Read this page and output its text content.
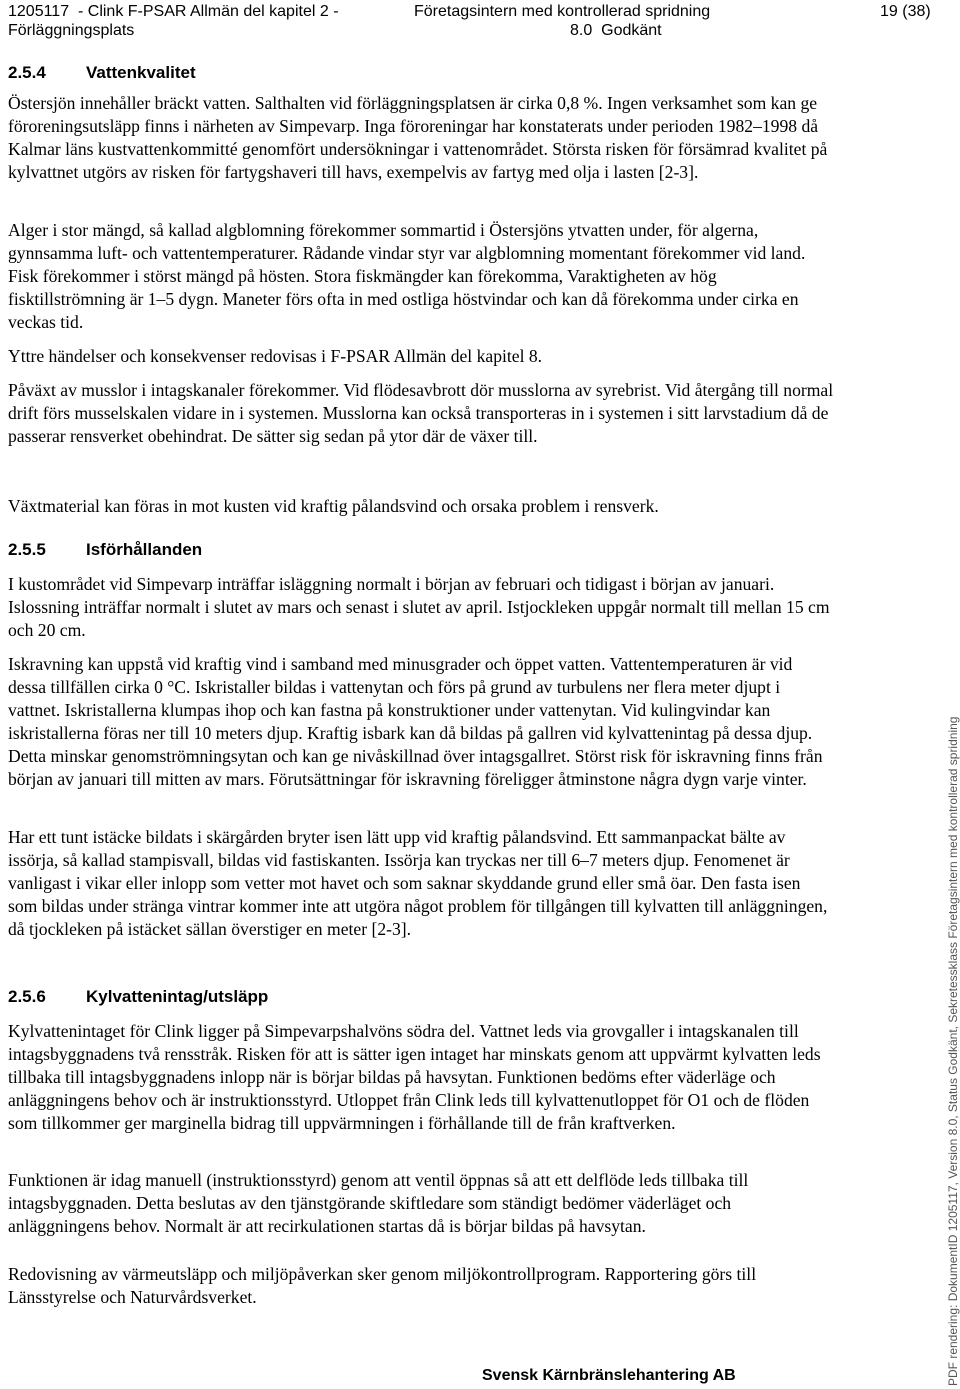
1205117  - Clink F-PSAR Allmän del kapitel 2 -
Förläggningsplats
Företagsintern med kontrollerad spridning
8.0  Godkänt
19 (38)
2.5.4 Vattenkvalitet

Östersjön innehåller bräckt vatten. Salthalten vid förläggningsplatsen är cirka 0,8 %. Ingen verksamhet som kan ge föroreningsutsläpp finns i närheten av Simpevarp. Inga föroreningar har konstaterats under perioden 1982–1998 då Kalmar läns kustvattenkommitté genomfört undersökningar i vattenområdet. Största risken för försämrad kvalitet på kylvattnet utgörs av risken för fartygshaveri till havs, exempelvis av fartyg med olja i lasten [2-3].

Alger i stor mängd, så kallad algblomning förekommer sommartid i Östersjöns ytvatten under, för algerna, gynnsamma luft- och vattentemperaturer. Rådande vindar styr var algblomning momentant förekommer vid land. Fisk förekommer i störst mängd på hösten. Stora fiskmängder kan förekomma, Varaktigheten av hög fisktillströmning är 1–5 dygn. Maneter förs ofta in med ostliga höstvindar och kan då förekomma under cirka en veckas tid.

Yttre händelser och konsekvenser redovisas i F-PSAR Allmän del kapitel 8.

Påväxt av musslor i intagskanaler förekommer. Vid flödesavbrott dör musslorna av syrebrist. Vid återgång till normal drift förs musselskalen vidare in i systemen. Musslorna kan också transporteras in i systemen i sitt larvstadium då de passerar rensverket obehindrat. De sätter sig sedan på ytor där de växer till.

Växtmaterial kan föras in mot kusten vid kraftig pålandsvind och orsaka problem i rensverk.

2.5.5 Isförhållanden

I kustområdet vid Simpevarp inträffar isläggning normalt i början av februari och tidigast i början av januari. Islossning inträffar normalt i slutet av mars och senast i slutet av april. Istjockleken uppgår normalt till mellan 15 cm och 20 cm.

Iskravning kan uppstå vid kraftig vind i samband med minusgrader och öppet vatten. Vattentemperaturen är vid dessa tillfällen cirka 0 °C. Iskristaller bildas i vattenytan och förs på grund av turbulens ner flera meter djupt i vattnet. Iskristallerna klumpas ihop och kan fastna på konstruktioner under vattenytan. Vid kulingvindar kan iskristallerna föras ner till 10 meters djup. Kraftig isbark kan då bildas på gallren vid kylvattenintag på dessa djup. Detta minskar genomströmningsytan och kan ge nivåskillnad över intagsgallret. Störst risk för iskravning finns från början av januari till mitten av mars. Förutsättningar för iskravning föreligger åtminstone några dygn varje vinter.

Har ett tunt istäcke bildats i skärgården bryter isen lätt upp vid kraftig pålandsvind. Ett sammanpackat bälte av issörja, så kallad stampisvall, bildas vid fastiskanten. Issörja kan tryckas ner till 6–7 meters djup. Fenomenet är vanligast i vikar eller inlopp som vetter mot havet och som saknar skyddande grund eller små öar. Den fasta isen som bildas under stränga vintrar kommer inte att utgöra något problem för tillgången till kylvatten till anläggningen, då tjockleken på istäcket sällan överstiger en meter [2-3].

2.5.6 Kylvattenintag/utsläpp

Kylvattenintaget för Clink ligger på Simpevarpshalvöns södra del. Vattnet leds via grovgaller i intagskanalen till intagsbyggnadens två rensstråk. Risken för att is sätter igen intaget har minskats genom att uppvärmt kylvatten leds tillbaka till intagsbyggnadens inlopp när is börjar bildas på havsytan. Funktionen bedöms efter väderläge och anläggningens behov och är instruktionsstyrd. Utloppet från Clink leds till kylvattenutloppet för O1 och de flöden som tillkommer ger marginella bidrag till uppvärmningen i förhållande till de från kraftverken.

Funktionen är idag manuell (instruktionsstyrd) genom att ventil öppnas så att ett delflöde leds tillbaka till intagsbyggnaden. Detta beslutas av den tjänstgörande skiftledare som ständigt bedömer väderläget och anläggningens behov. Normalt är att recirkulationen startas då is börjar bildas på havsytan.

Redovisning av värmeutsläpp och miljöpåverkan sker genom miljökontrollprogram. Rapportering görs till Länsstyrelse och Naturvårdsverket.

Svensk Kärnbränslehantering AB	PDF rendering: DokumentID 1205117, Version 8.0, Status Godkänt, Sekretessklass Företagsintern med kontrollerad spridning
